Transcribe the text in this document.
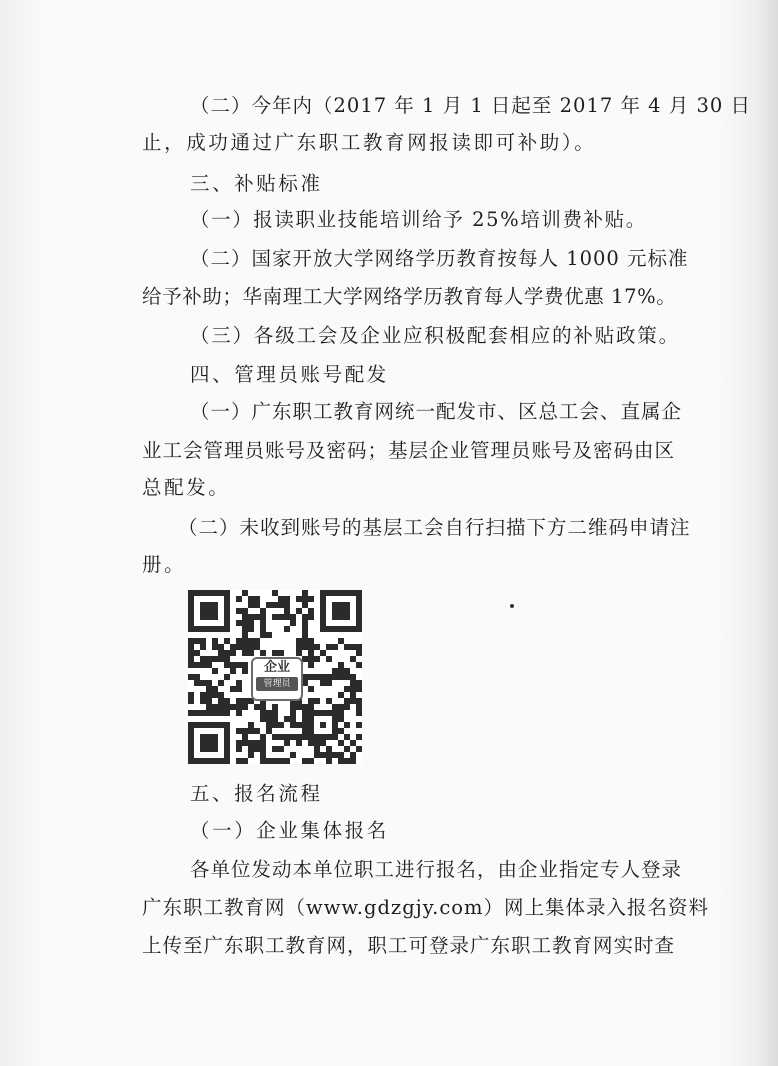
（二）今年内（2017 年 1 月 1 日起至 2017 年 4 月 30 日
止，成功通过广东职工教育网报读即可补助）。
三、补贴标准
（一）报读职业技能培训给予 25%培训费补贴。
（二）国家开放大学网络学历教育按每人 1000 元标准
给予补助；华南理工大学网络学历教育每人学费优惠 17%。
（三）各级工会及企业应积极配套相应的补贴政策。
四、管理员账号配发
（一）广东职工教育网统一配发市、区总工会、直属企
业工会管理员账号及密码；基层企业管理员账号及密码由区
总配发。
（二）未收到账号的基层工会自行扫描下方二维码申请注
册。
企业
管理员
五、报名流程
（一）企业集体报名
各单位发动本单位职工进行报名，由企业指定专人登录
广东职工教育网（www.gdzgjy.com）网上集体录入报名资料
上传至广东职工教育网，职工可登录广东职工教育网实时查
